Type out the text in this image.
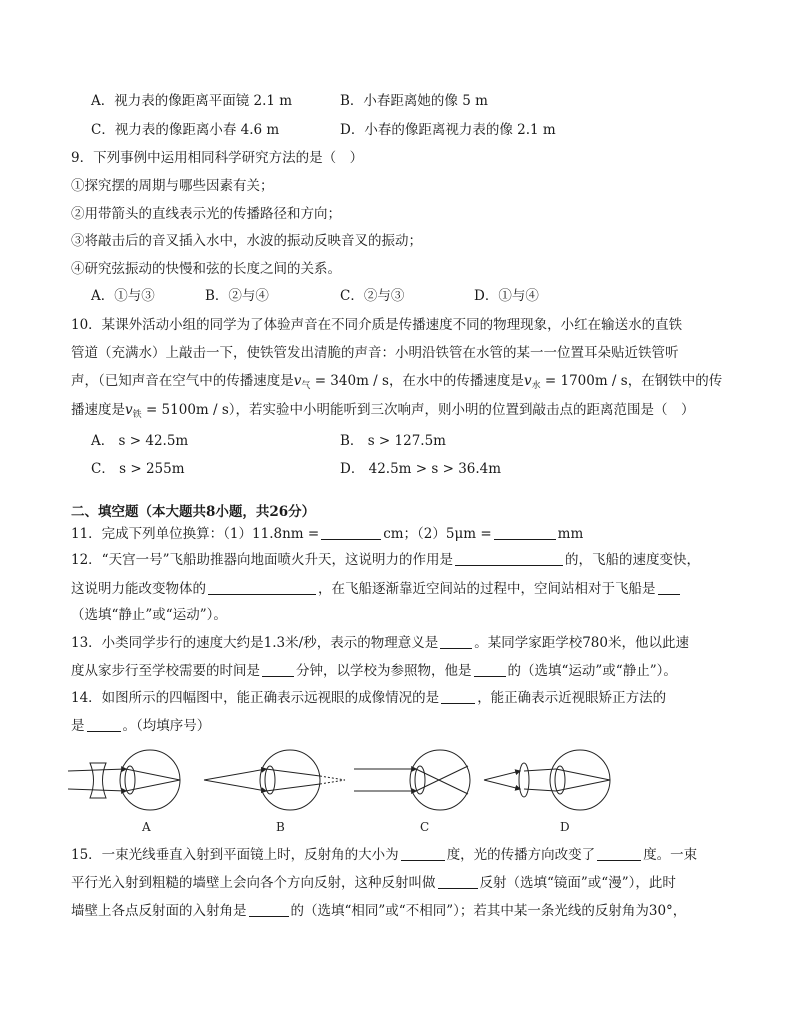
A．视力表的像距离平面镜 2.1 m	B．小春距离她的像 5 m
C．视力表的像距离小春 4.6 m	D．小春的像距离视力表的像 2.1 m
9．下列事例中运用相同科学研究方法的是（　）
①探究摆的周期与哪些因素有关；
②用带箭头的直线表示光的传播路径和方向；
③将敲击后的音叉插入水中，水波的振动反映音叉的振动；
④研究弦振动的快慢和弦的长度之间的关系。
A．①与③	B．②与④	C．②与③	D．①与④
10．某课外活动小组的同学为了体验声音在不同介质是传播速度不同的物理现象，小红在输送水的直铁
管道（充满水）上敲击一下，使铁管发出清脆的声音：小明沿铁管在水管的某一一位置耳朵贴近铁管听
声，（已知声音在空气中的传播速度是$v_气 = 340m / s$，在水中的传播速度是$v_水 = 1700m / s$，在钢铁中的传
播速度是$v_铁 = 5100m / s$），若实验中小明能听到三次响声，则小明的位置到敲击点的距离范围是（　）
A． s > 42.5m	B． s > 127.5m
C． s > 255m	D． 42.5m > s > 36.4m
二、填空题（本大题共8小题，共26分）
11．完成下列单位换算：（1）11.8nm =	cm；（2）5μm =	mm
12．“天宫一号”飞船助推器向地面喷火升天，这说明力的作用是	的，飞船的速度变快，
这说明力能改变物体的	，在飞船逐渐靠近空间站的过程中，空间站相对于飞船是
（选填“静止”或“运动”）。
13．小类同学步行的速度大约是1.3米/秒，表示的物理意义是	。某同学家距学校780米，他以此速
度从家步行至学校需要的时间是	分钟，以学校为参照物，他是	的（选填“运动”或“静止”）。
14．如图所示的四幅图中，能正确表示远视眼的成像情况的是	，能正确表示近视眼矫正方法的
是	。（均填序号）
A	B	C	D
15．一束光线垂直入射到平面镜上时，反射角的大小为	度，光的传播方向改变了	度。一束
平行光入射到粗糙的墙壁上会向各个方向反射，这种反射叫做	反射（选填“镜面”或“漫”），此时
墙壁上各点反射面的入射角是	的（选填“相同”或“不相同”）；若其中某一条光线的反射角为30°，
